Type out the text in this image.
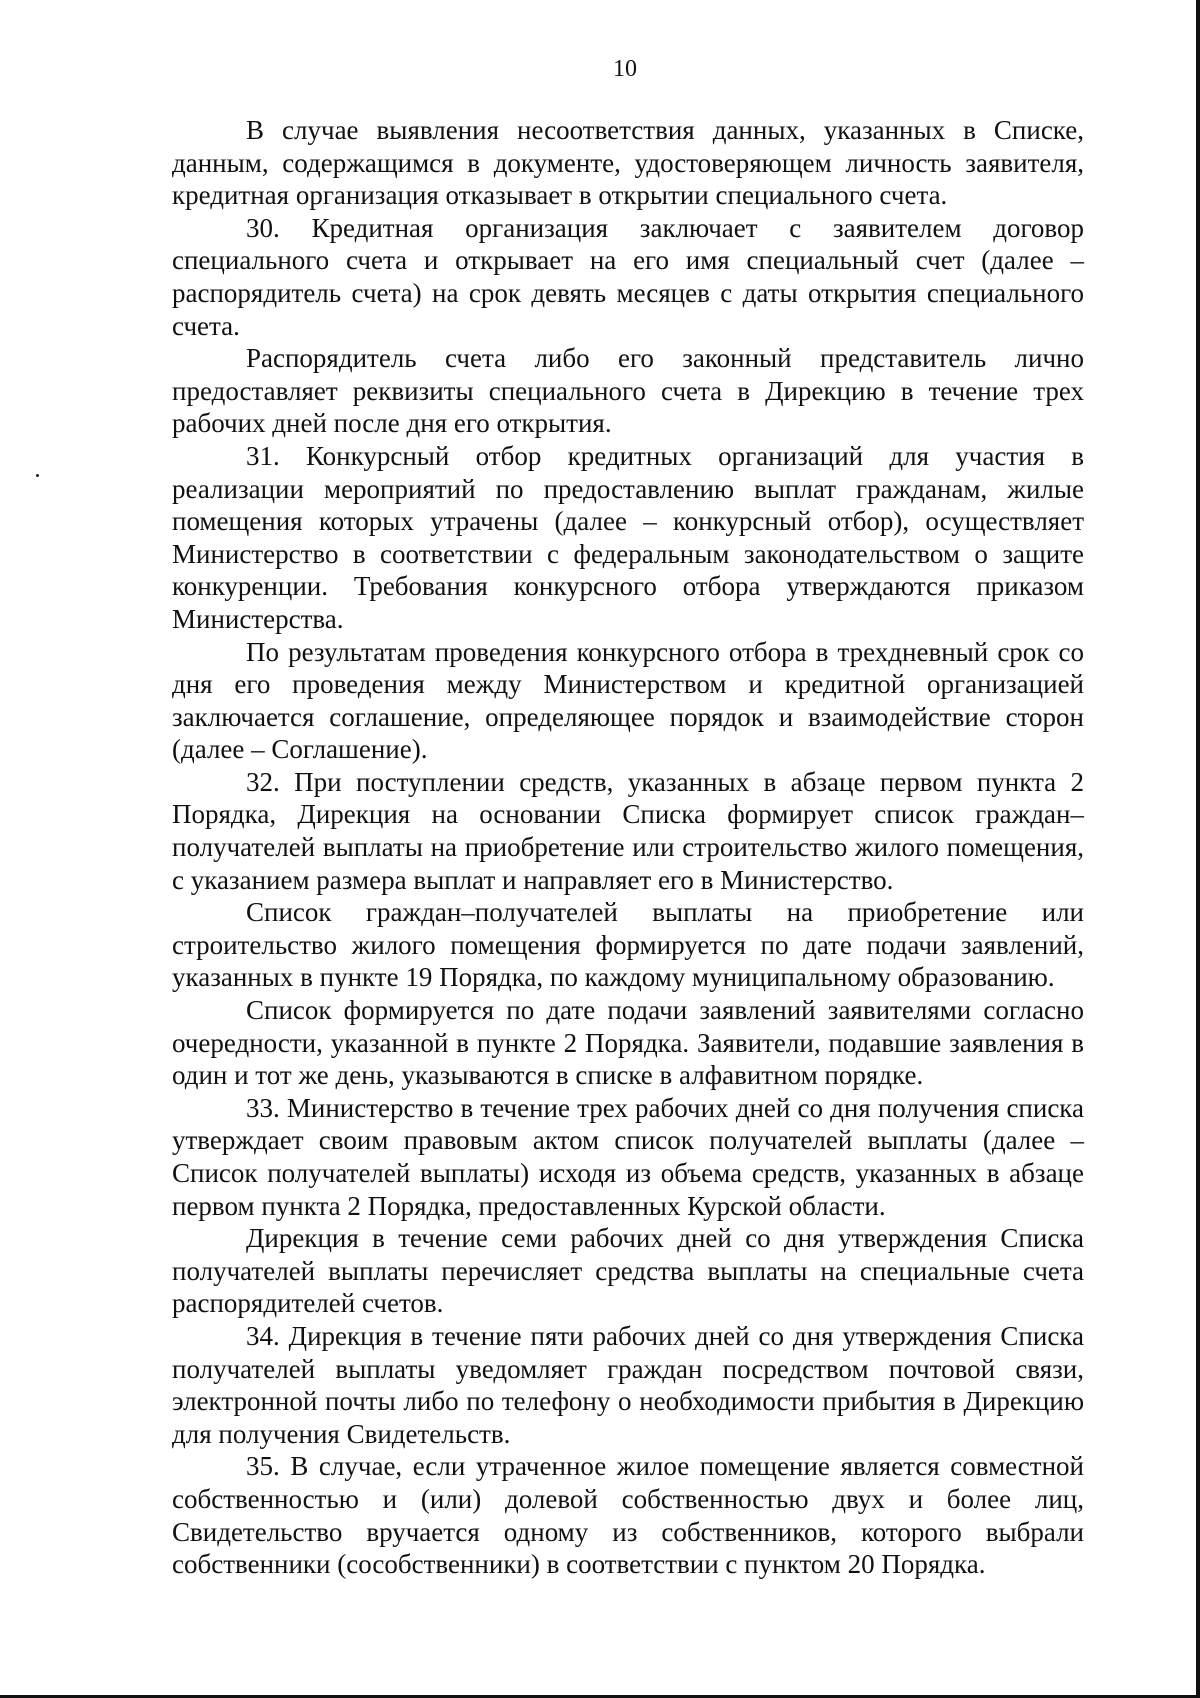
10

В случае выявления несоответствия данных, указанных в Списке, данным, содержащимся в документе, удостоверяющем личность заявителя, кредитная организация отказывает в открытии специального счета.

30. Кредитная организация заключает с заявителем договор специального счета и открывает на его имя специальный счет (далее – распорядитель счета) на срок девять месяцев с даты открытия специального счета.

Распорядитель счета либо его законный представитель лично предоставляет реквизиты специального счета в Дирекцию в течение трех рабочих дней после дня его открытия.

31. Конкурсный отбор кредитных организаций для участия в реализации мероприятий по предоставлению выплат гражданам, жилые помещения которых утрачены (далее – конкурсный отбор), осуществляет Министерство в соответствии с федеральным законодательством о защите конкуренции. Требования конкурсного отбора утверждаются приказом Министерства.

По результатам проведения конкурсного отбора в трехдневный срок со дня его проведения между Министерством и кредитной организацией заключается соглашение, определяющее порядок и взаимодействие сторон (далее – Соглашение).

32. При поступлении средств, указанных в абзаце первом пункта 2 Порядка, Дирекция на основании Списка формирует список граждан–получателей выплаты на приобретение или строительство жилого помещения, с указанием размера выплат и направляет его в Министерство.

Список граждан–получателей выплаты на приобретение или строительство жилого помещения формируется по дате подачи заявлений, указанных в пункте 19 Порядка, по каждому муниципальному образованию.

Список формируется по дате подачи заявлений заявителями согласно очередности, указанной в пункте 2 Порядка. Заявители, подавшие заявления в один и тот же день, указываются в списке в алфавитном порядке.

33. Министерство в течение трех рабочих дней со дня получения списка утверждает своим правовым актом список получателей выплаты (далее – Список получателей выплаты) исходя из объема средств, указанных в абзаце первом пункта 2 Порядка, предоставленных Курской области.

Дирекция в течение семи рабочих дней со дня утверждения Списка получателей выплаты перечисляет средства выплаты на специальные счета распорядителей счетов.

34. Дирекция в течение пяти рабочих дней со дня утверждения Списка получателей выплаты уведомляет граждан посредством почтовой связи, электронной почты либо по телефону о необходимости прибытия в Дирекцию для получения Свидетельств.

35. В случае, если утраченное жилое помещение является совместной собственностью и (или) долевой собственностью двух и более лиц, Свидетельство вручается одному из собственников, которого выбрали собственники (сособственники) в соответствии с пунктом 20 Порядка.
